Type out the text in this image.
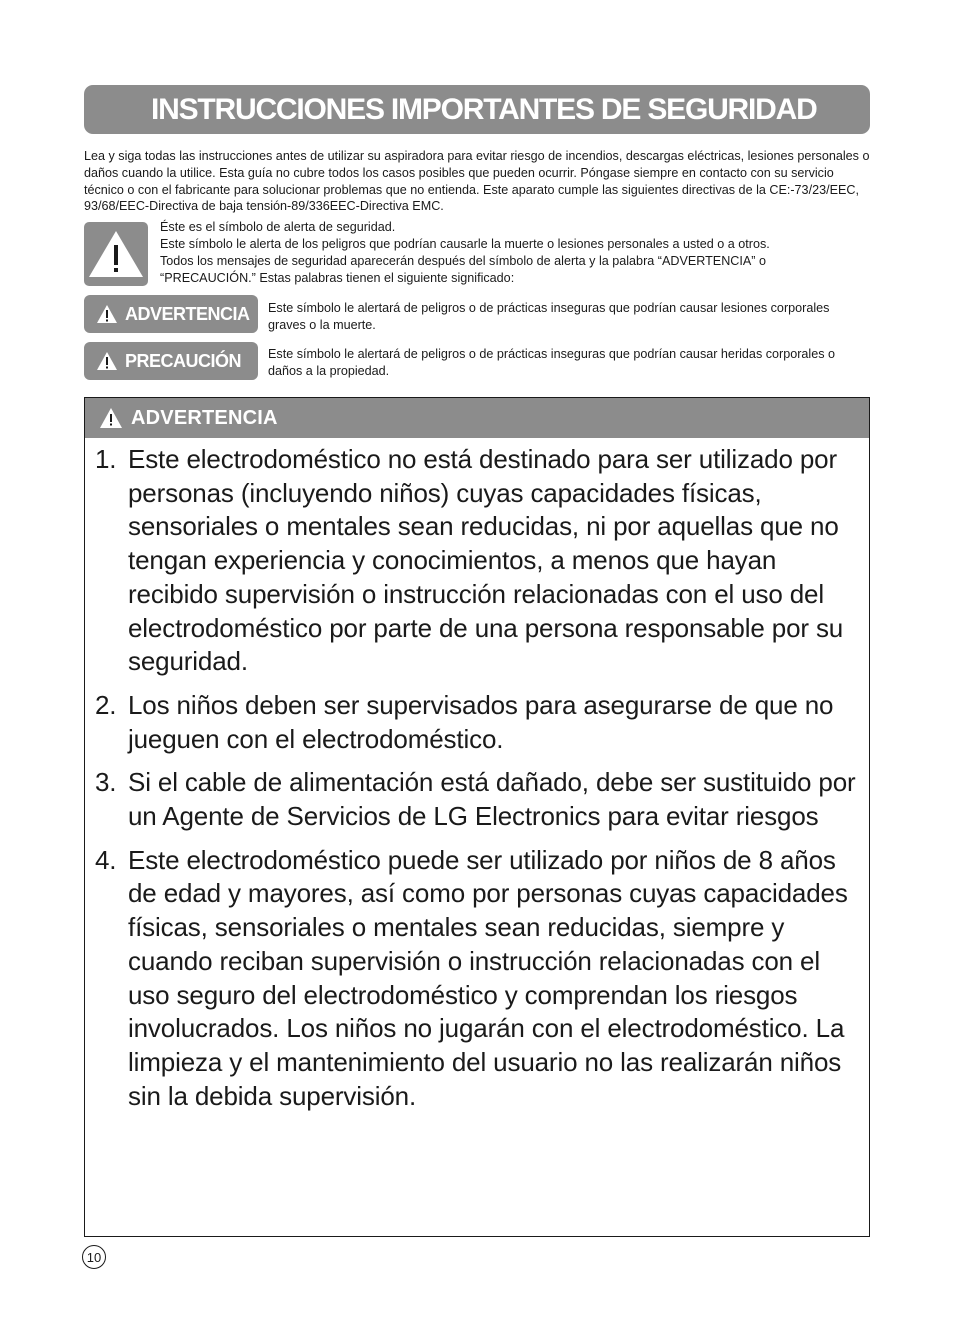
INSTRUCCIONES IMPORTANTES DE SEGURIDAD

Lea y siga todas las instrucciones antes de utilizar su aspiradora para evitar riesgo de incendios, descargas eléctricas, lesiones personales o daños cuando la utilice. Esta guía no cubre todos los casos posibles que pueden ocurrir. Póngase siempre en contacto con su servicio técnico o con el fabricante para solucionar problemas que no entienda. Este aparato cumple las siguientes directivas de la CE:-73/23/EEC, 93/68/EEC-Directiva de baja tensión-89/336EEC-Directiva EMC.

Éste es el símbolo de alerta de seguridad.
Este símbolo le alerta de los peligros que podrían causarle la muerte o lesiones personales a usted o a otros.
Todos los mensajes de seguridad aparecerán después del símbolo de alerta y la palabra “ADVERTENCIA” o “PRECAUCIÓN.” Estas palabras tienen el siguiente significado:

ADVERTENCIA Este símbolo le alertará de peligros o de prácticas inseguras que podrían causar lesiones corporales graves o la muerte.

PRECAUCIÓN Este símbolo le alertará de peligros o de prácticas inseguras que podrían causar heridas corporales o daños a la propiedad.

ADVERTENCIA
1. Este electrodoméstico no está destinado para ser utilizado por personas (incluyendo niños) cuyas capacidades físicas, sensoriales o mentales sean reducidas, ni por aquellas que no tengan experiencia y conocimientos, a menos que hayan recibido supervisión o instrucción relacionadas con el uso del electrodoméstico por parte de una persona responsable por su seguridad.
2. Los niños deben ser supervisados para asegurarse de que no jueguen con el electrodoméstico.
3. Si el cable de alimentación está dañado, debe ser sustituido por un Agente de Servicios de LG Electronics para evitar riesgos
4. Este electrodoméstico puede ser utilizado por niños de 8 años de edad y mayores, así como por personas cuyas capacidades físicas, sensoriales o mentales sean reducidas, siempre y cuando reciban supervisión o instrucción relacionadas con el uso seguro del electrodoméstico y comprendan los riesgos involucrados. Los niños no jugarán con el electrodoméstico. La limpieza y el mantenimiento del usuario no las realizarán niños sin la debida supervisión.
10
